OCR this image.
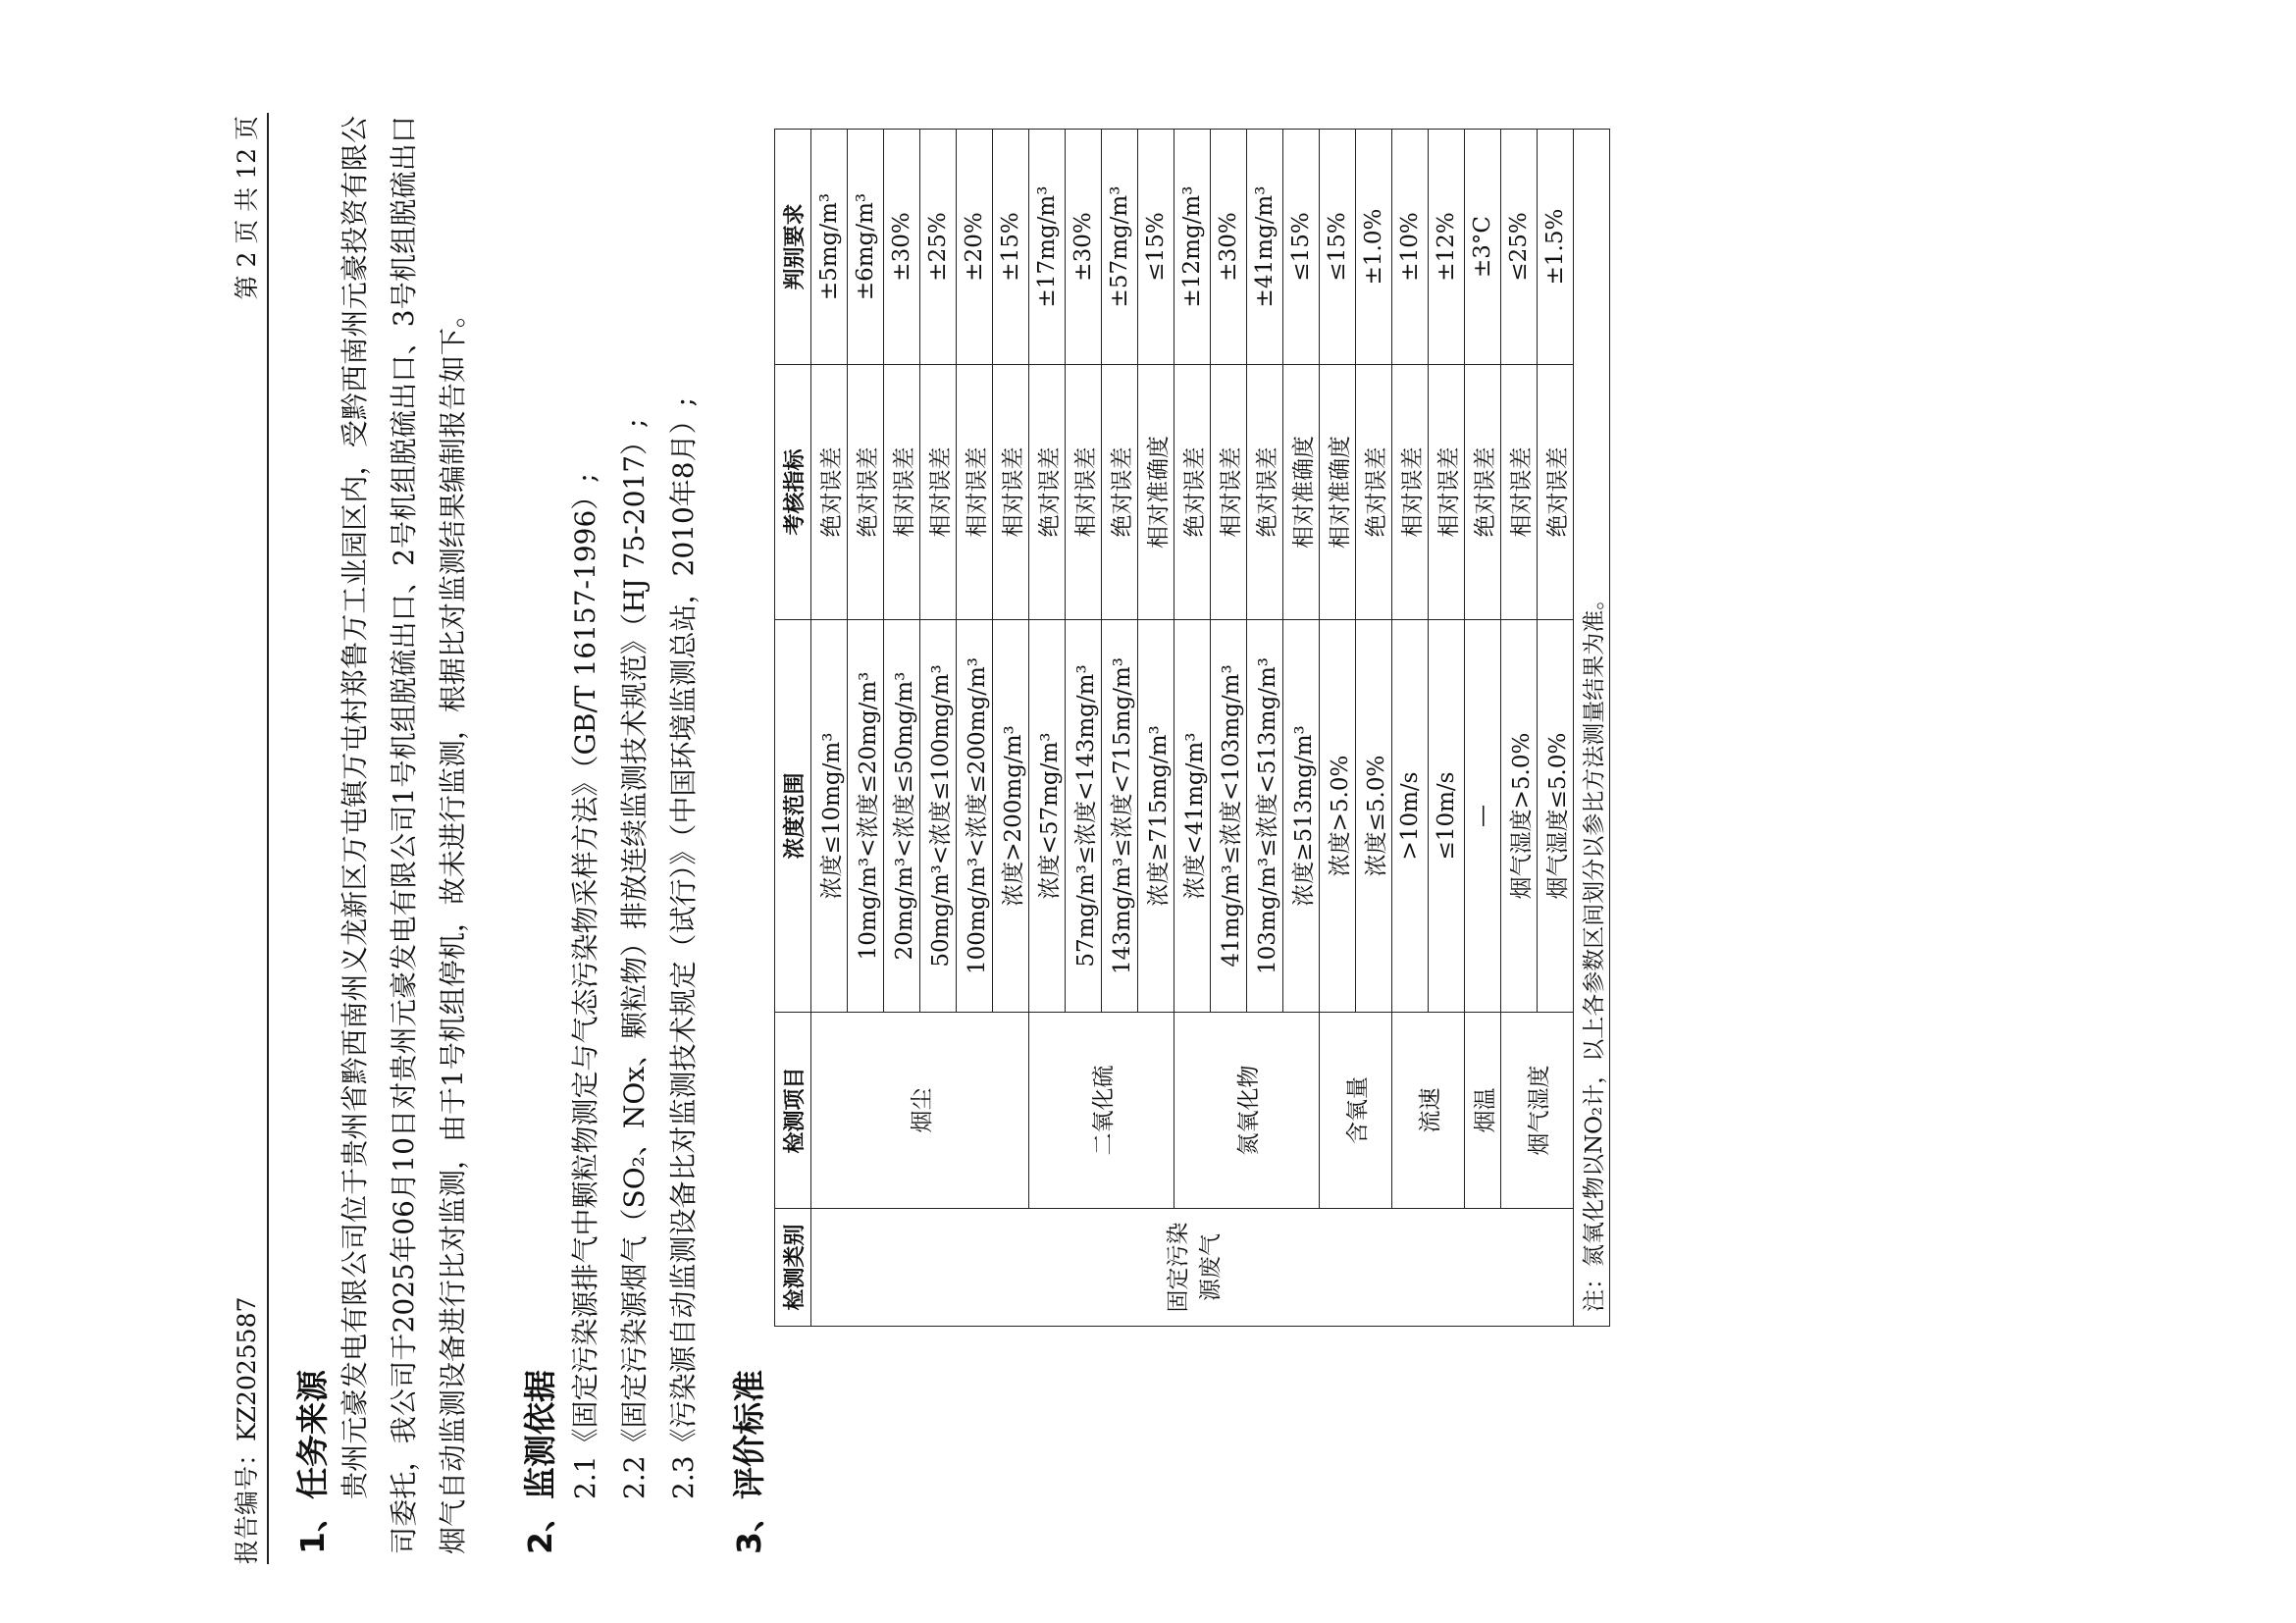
报告编号：KZ2025587
第 2 页 共 12 页
1、任务来源 贵州元豪发电有限公司位于贵州省黔西南州义龙新区万屯镇万屯村郑鲁万工业园区内，受黔西南州元豪投资有限公司委托，我公司于2025年06月10日对贵州元豪发电有限公司1号机组脱硫出口、2号机组脱硫出口、3号机组脱硫出口烟气自动监测设备进行比对监测，由于1号机组停机，故未进行监测，根据比对监测结果编制报告如下。 2、监测依据 2.1《固定污染源排气中颗粒物测定与气态污染物采样方法》（GB/T 16157-1996）; 2.2《固定污染源烟气（SO₂、NOx、颗粒物）排放连续监测技术规范》（HJ 75-2017）; 2.3《污染源自动监测设备比对监测技术规定（试行）》（中国环境监测总站，2010年8月）; 3、评价标准
检测类别	检测项目	浓度范围	考核指标	判别要求
固定污染源废气	烟尘	浓度≤10mg/m³	绝对误差	±5mg/m³
		10mg/m³<浓度≤20mg/m³	绝对误差	±6mg/m³
		20mg/m³<浓度≤50mg/m³	相对误差	±30%
		50mg/m³<浓度≤100mg/m³	相对误差	±25%
		100mg/m³<浓度≤200mg/m³	相对误差	±20%
		浓度>200mg/m³	相对误差	±15%
	二氧化硫	浓度<57mg/m³	绝对误差	±17mg/m³
		57mg/m³≤浓度<143mg/m³	相对误差	±30%
		143mg/m³≤浓度<715mg/m³	绝对误差	±57mg/m³
		浓度≥715mg/m³	相对准确度	≤15%
	氮氧化物	浓度<41mg/m³	绝对误差	±12mg/m³
		41mg/m³≤浓度<103mg/m³	相对误差	±30%
		103mg/m³≤浓度<513mg/m³	绝对误差	±41mg/m³
		浓度≥513mg/m³	相对准确度	≤15%
	含氧量	浓度>5.0%	相对准确度	≤15%
		浓度≤5.0%	绝对误差	±1.0%
	流速	>10m/s	相对误差	±10%
		≤10m/s	相对误差	±12%
	烟温	—	绝对误差	±3°C
	烟气湿度	烟气湿度>5.0%	相对误差	≤25%
		烟气湿度≤5.0%	绝对误差	±1.5%
注：氮氧化物以NO₂计，以上各参数区间划分以参比方法测量结果为准。				
